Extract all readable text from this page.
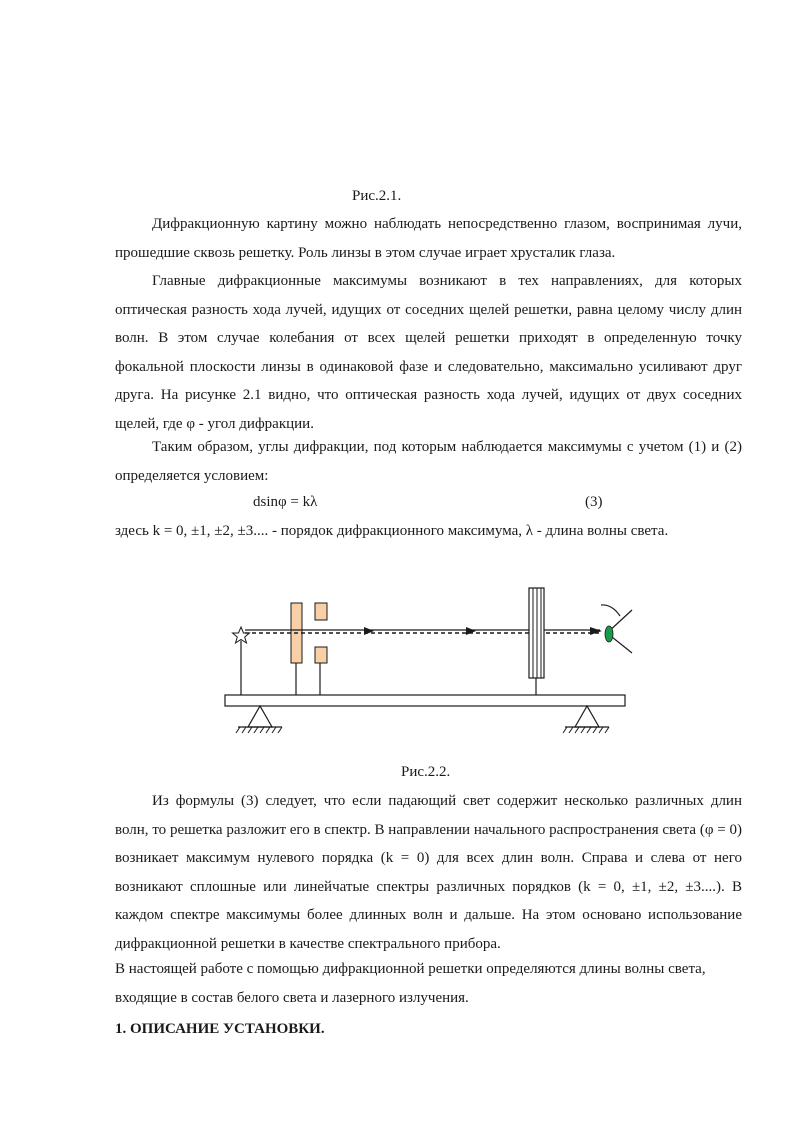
Рис.2.1.

Дифракционную картину можно наблюдать непосредственно глазом, воспринимая лучи, прошедшие сквозь решетку. Роль линзы в этом случае играет хрусталик глаза.

Главные дифракционные максимумы возникают в тех направлениях, для которых оптическая разность хода лучей, идущих от соседних щелей решетки, равна целому числу длин волн. В этом случае колебания от всех щелей решетки приходят в определенную точку фокальной плоскости линзы в одинаковой фазе и следовательно, максимально усиливают друг друга. На рисунке 2.1 видно, что оптическая разность хода лучей, идущих от двух соседних щелей, где φ - угол дифракции.

Таким образом, углы дифракции, под которым наблюдается максимумы с учетом (1) и (2) определяется условием:

dsinφ = kλ	(3)

здесь k = 0, ±1, ±2, ±3.... - порядок дифракционного максимума, λ - длина волны света.

Рис.2.2.

Из формулы (3) следует, что если падающий свет содержит несколько различных длин волн, то решетка разложит его в спектр. В направлении начального распространения света (φ = 0) возникает максимум нулевого порядка (k = 0) для всех длин волн. Справа и слева от него возникают сплошные или линейчатые спектры различных порядков (k = 0, ±1, ±2, ±3....). В каждом спектре максимумы более длинных волн и дальше. На этом основано использование дифракционной решетки в качестве спектрального прибора.

В настоящей работе с помощью дифракционной решетки определяются длины волны света, входящие в состав белого света и лазерного излучения.

1. ОПИСАНИЕ УСТАНОВКИ.
